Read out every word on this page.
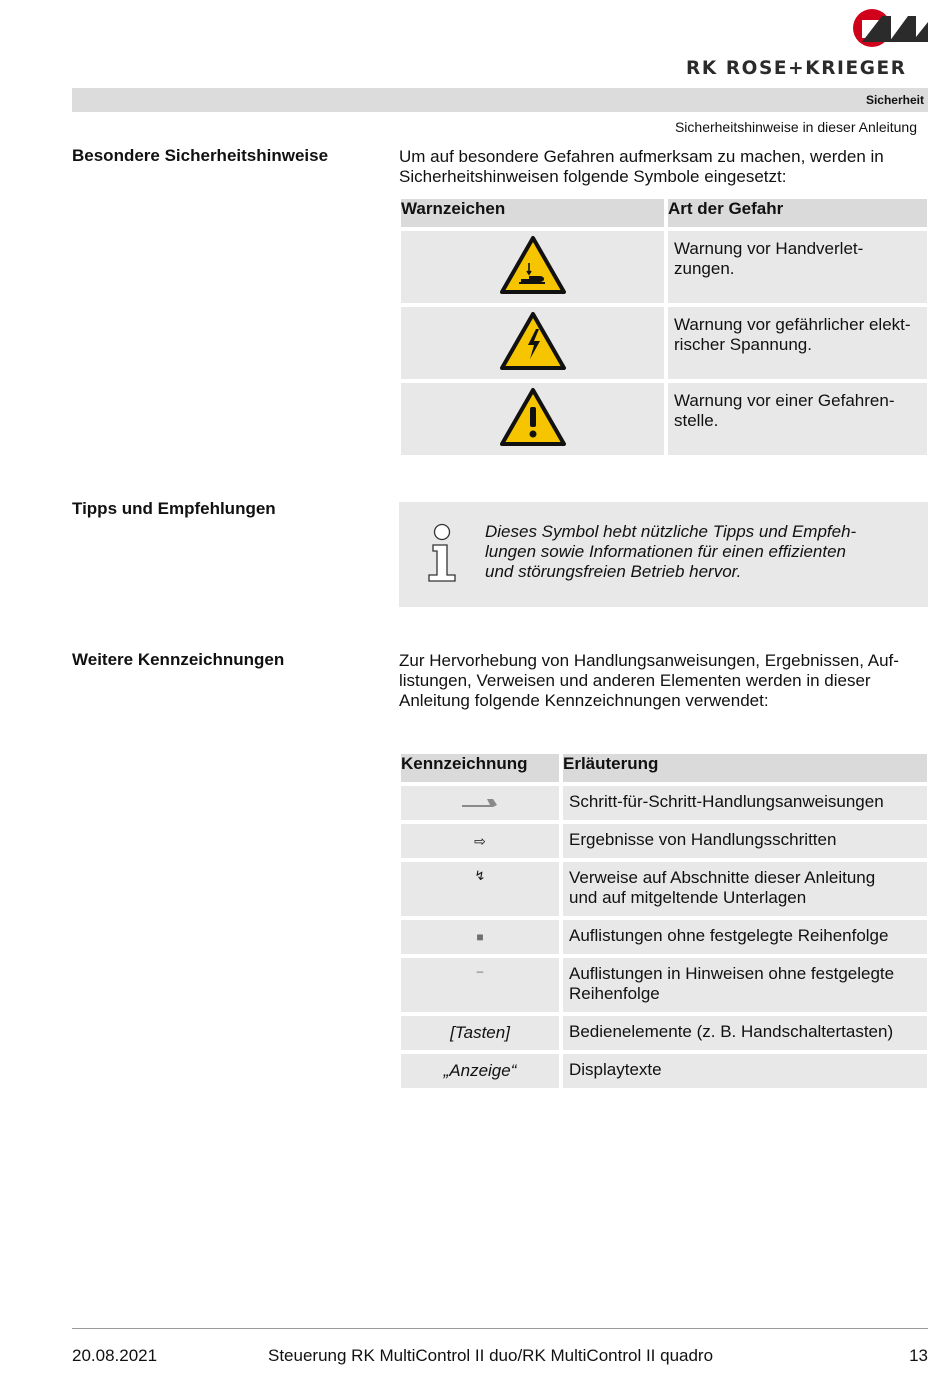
RK ROSE+KRIEGER
Sicherheit
Sicherheitshinweise in dieser Anleitung
Besondere Sicherheitshinweise	Um auf besondere Gefahren aufmerksam zu machen, werden in
Sicherheitshinweisen folgende Symbole eingesetzt:
Warnzeichen	Art der Gefahr

Warnung vor Handverlet-
zungen.

Warnung vor gefährlicher elekt-
rischer Spannung.

Warnung vor einer Gefahren-
stelle.
Tipps und Empfehlungen
Dieses Symbol hebt nützliche Tipps und Empfeh-
lungen sowie Informationen für einen effizienten
und störungsfreien Betrieb hervor.
Weitere Kennzeichnungen	Zur Hervorhebung von Handlungsanweisungen, Ergebnissen, Auf-
listungen, Verweisen und anderen Elementen werden in dieser
Anleitung folgende Kennzeichnungen verwendet:
Kennzeichnung	Erläuterung

Schritt-für-Schritt-Handlungsanweisungen

⇨	Ergebnisse von Handlungsschritten

↯	Verweise auf Abschnitte dieser Anleitung
und auf mitgeltende Unterlagen

■	Auflistungen ohne festgelegte Reihenfolge

–	Auflistungen in Hinweisen ohne festgelegte
Reihenfolge

[Tasten]	Bedienelemente (z. B. Handschaltertasten)

„Anzeige“	Displaytexte
20.08.2021	Steuerung RK MultiControl II duo/RK MultiControl II quadro	13
